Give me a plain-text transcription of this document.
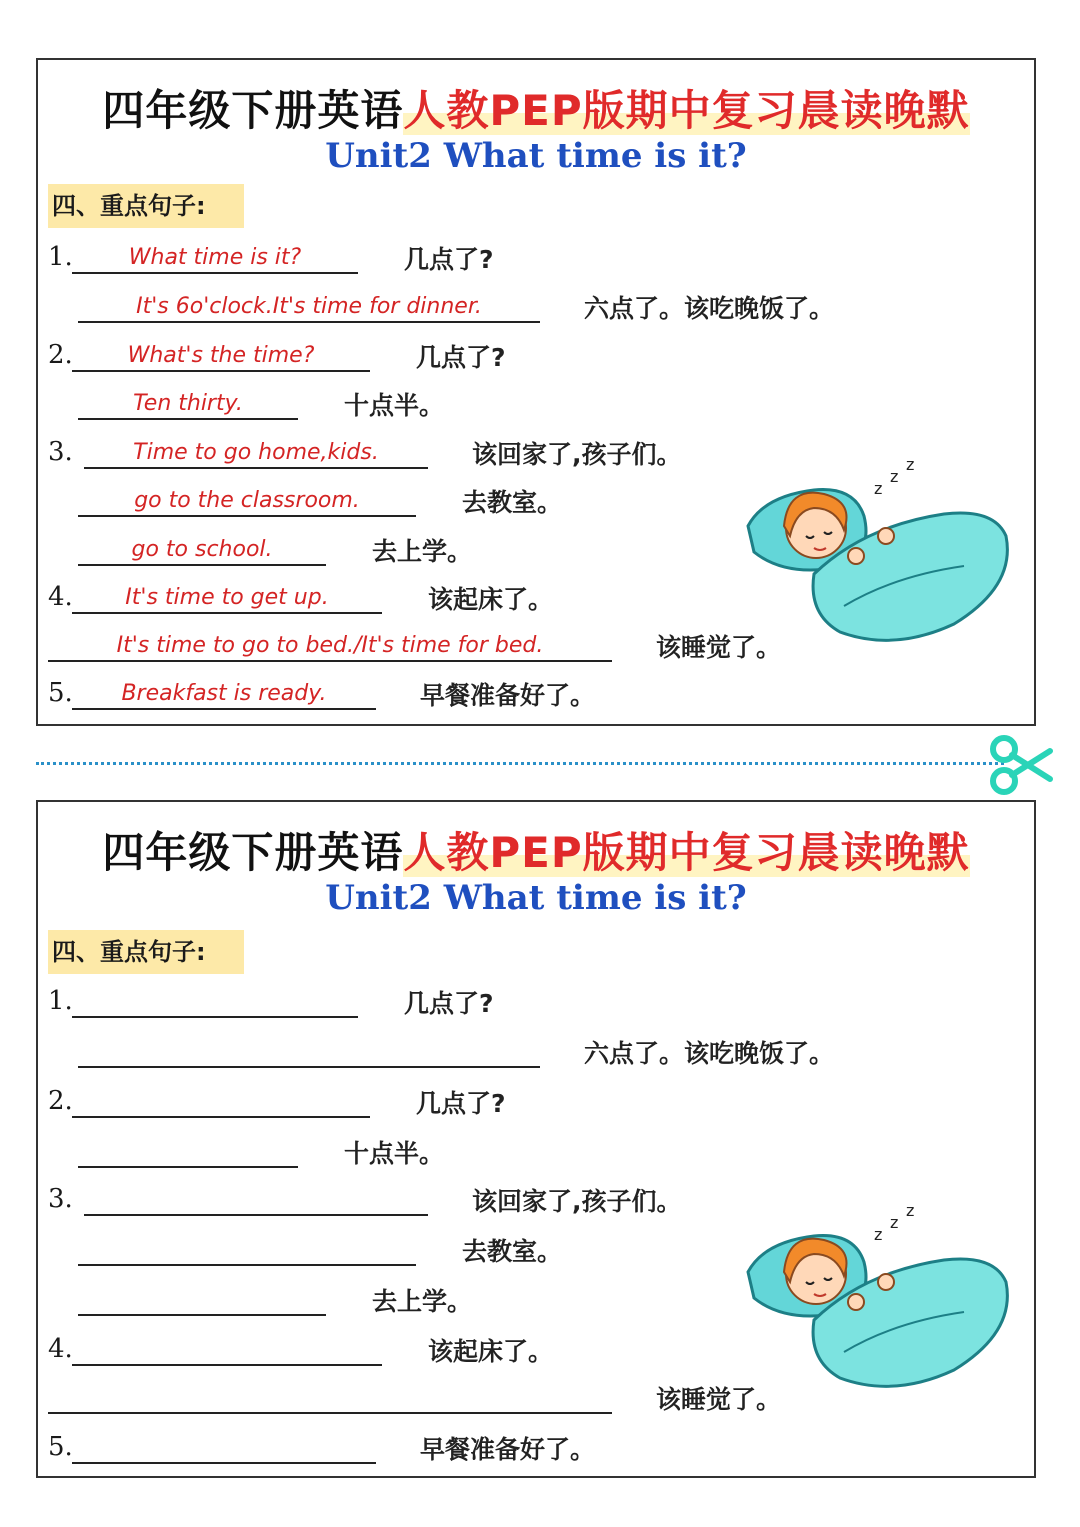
四年级下册英语人教PEP版期中复习晨读晚默
Unit2 What time is it?
四、重点句子:
1.	What time is it?	几点了?
It's 6o'clock.It's time for dinner.	六点了。该吃晚饭了。
2.	What's the time?	几点了?
Ten thirty.	十点半。
3.	Time to go home,kids.	该回家了,孩子们。
go to the classroom.	去教室。
go to school.	去上学。
4.	It's time to get up.	该起床了。
It's time to go to bed./It's time for bed.	该睡觉了。
5.	Breakfast is ready.	早餐准备好了。
z
z
z
四年级下册英语人教PEP版期中复习晨读晚默
Unit2 What time is it?
四、重点句子:
1.	几点了?
六点了。该吃晚饭了。
2.	几点了?
十点半。
3.	该回家了,孩子们。
去教室。
去上学。
4.	该起床了。
该睡觉了。
5.	早餐准备好了。
z
z
z
